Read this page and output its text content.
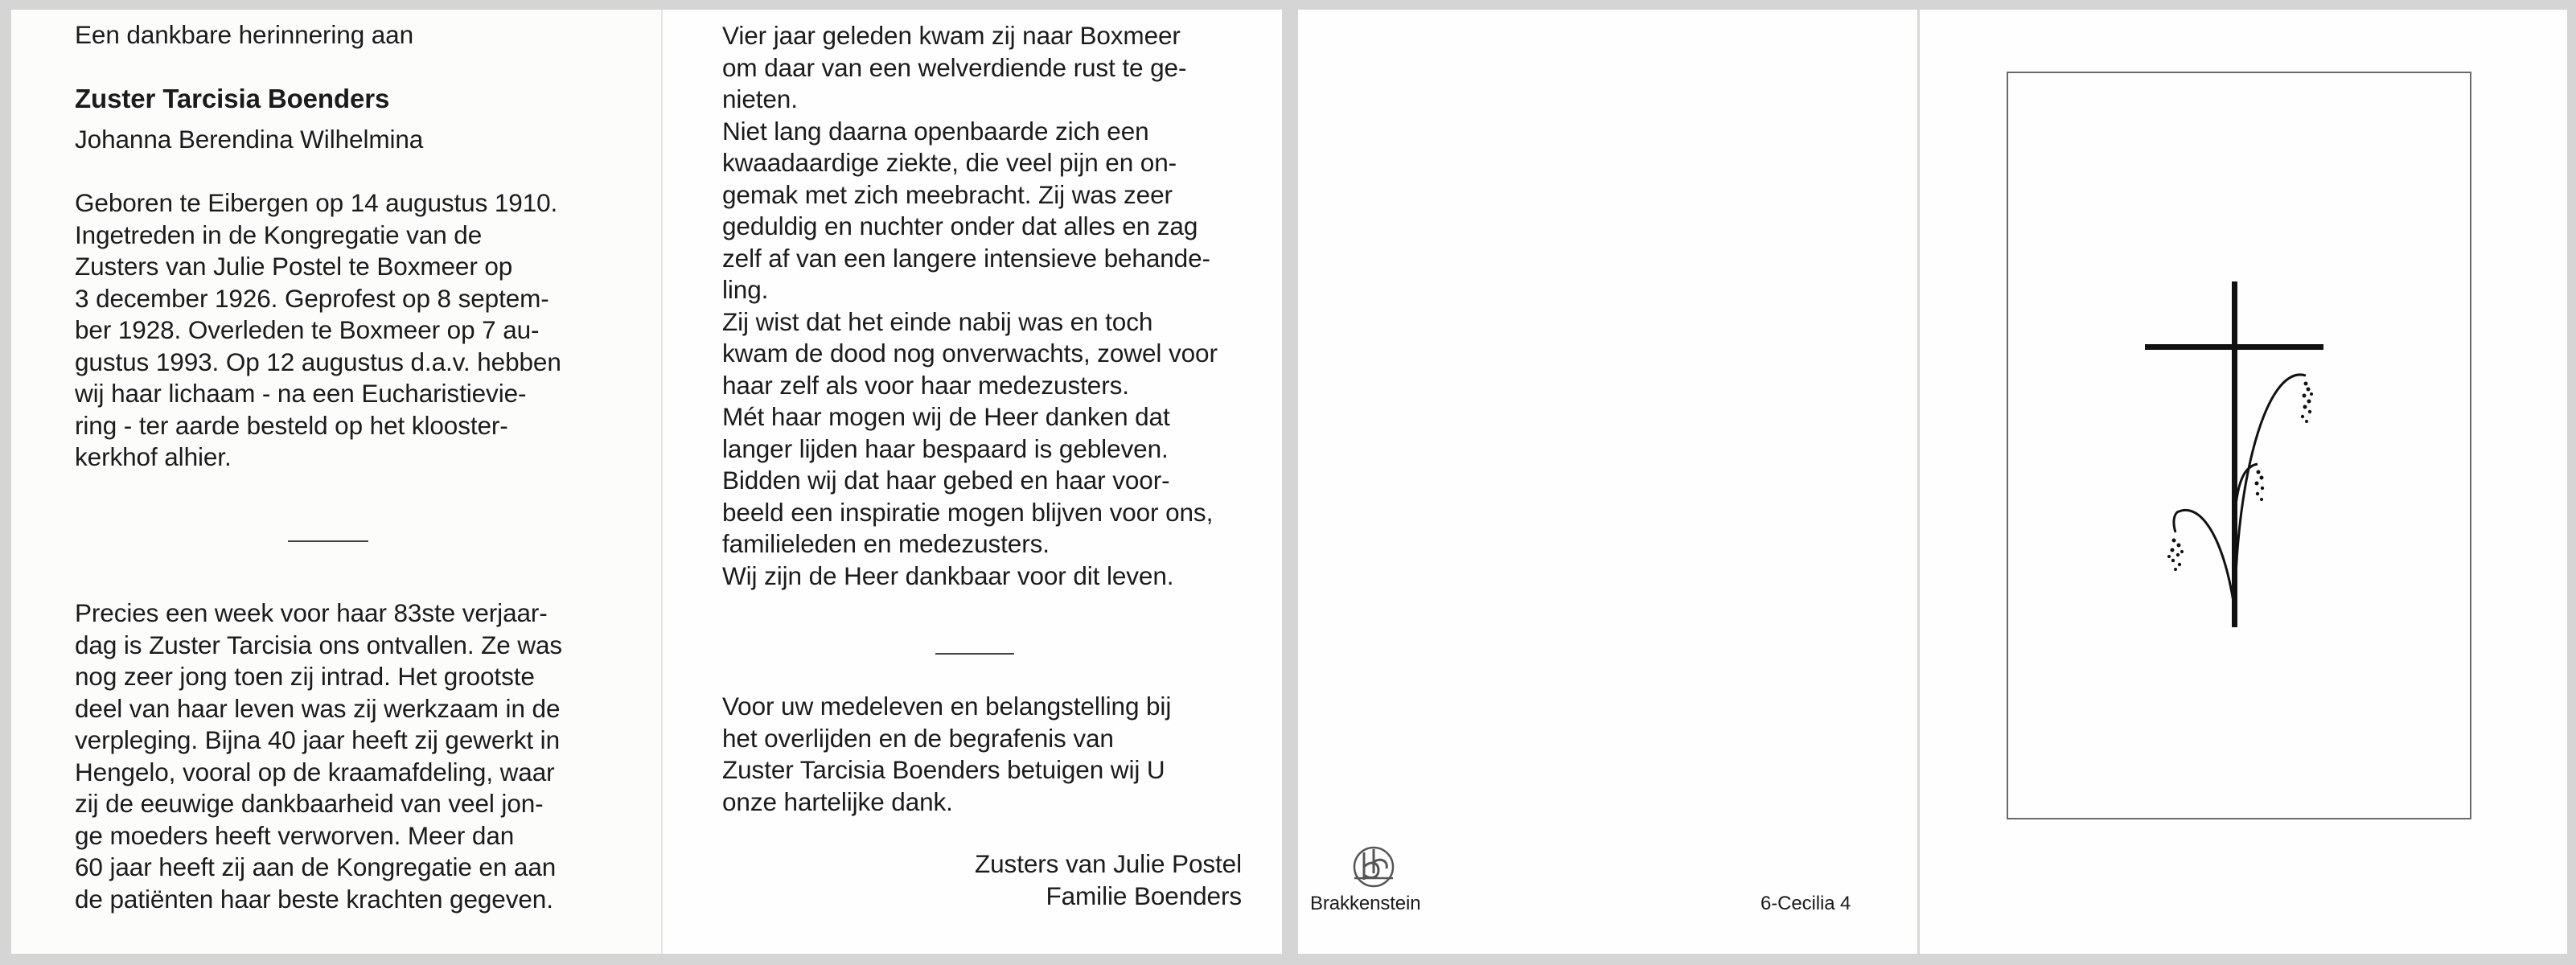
Een dankbare herinnering aan

Zuster Tarcisia Boenders

Johanna Berendina Wilhelmina

Geboren te Eibergen op 14 augustus 1910.

Ingetreden in de Kongregatie van de

Zusters van Julie Postel te Boxmeer op

3 december 1926. Geprofest op 8 septem-

ber 1928. Overleden te Boxmeer op 7 au-

gustus 1993. Op 12 augustus d.a.v. hebben

wij haar lichaam - na een Eucharistievie-

ring - ter aarde besteld op het klooster-

kerkhof alhier.

Precies een week voor haar 83ste verjaar-

dag is Zuster Tarcisia ons ontvallen. Ze was

nog zeer jong toen zij intrad. Het grootste

deel van haar leven was zij werkzaam in de

verpleging. Bijna 40 jaar heeft zij gewerkt in

Hengelo, vooral op de kraamafdeling, waar

zij de eeuwige dankbaarheid van veel jon-

ge moeders heeft verworven. Meer dan

60 jaar heeft zij aan de Kongregatie en aan

de patiënten haar beste krachten gegeven.

Vier jaar geleden kwam zij naar Boxmeer

om daar van een welverdiende rust te ge-

nieten.

Niet lang daarna openbaarde zich een

kwaadaardige ziekte, die veel pijn en on-

gemak met zich meebracht. Zij was zeer

geduldig en nuchter onder dat alles en zag

zelf af van een langere intensieve behande-

ling.

Zij wist dat het einde nabij was en toch

kwam de dood nog onverwachts, zowel voor

haar zelf als voor haar medezusters.

Mét haar mogen wij de Heer danken dat

langer lijden haar bespaard is gebleven.

Bidden wij dat haar gebed en haar voor-

beeld een inspiratie mogen blijven voor ons,

familieleden en medezusters.

Wij zijn de Heer dankbaar voor dit leven.

Voor uw medeleven en belangstelling bij

het overlijden en de begrafenis van

Zuster Tarcisia Boenders betuigen wij U

onze hartelijke dank.

Zusters van Julie Postel

Familie Boenders	Brakkenstein	6-Cecilia 4
